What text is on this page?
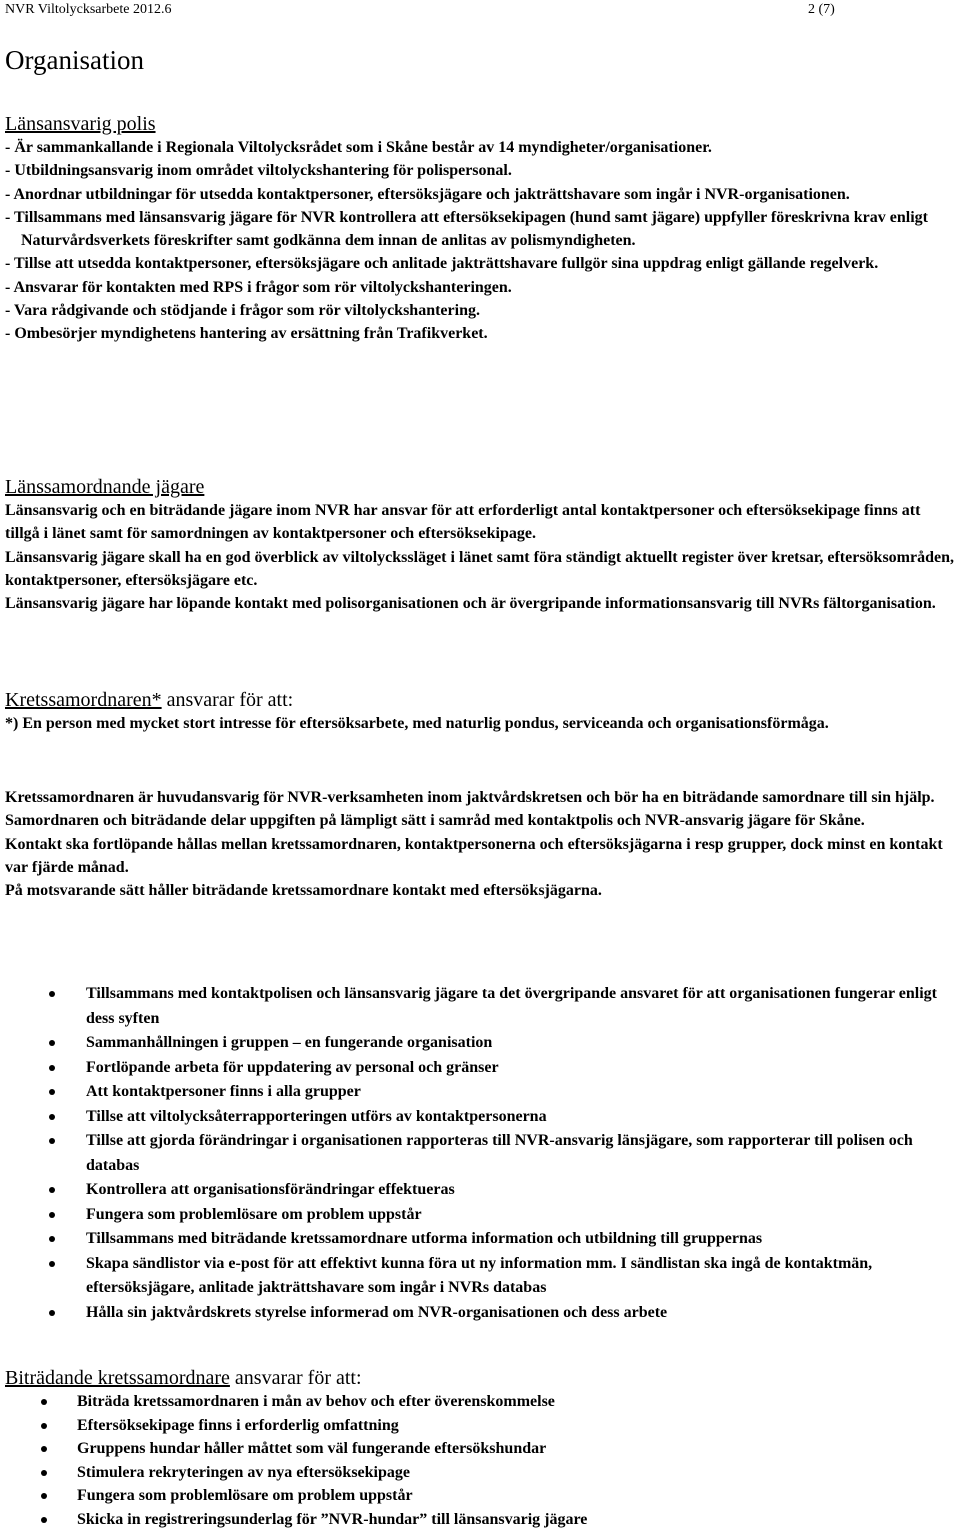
NVR Viltolycksarbete 2012.6	2 (7)
Organisation
Länsansvarig polis
- Är sammankallande i Regionala Viltolycksrådet som i Skåne består av 14 myndigheter/organisationer.
- Utbildningsansvarig inom området viltolyckshantering för polispersonal.
- Anordnar utbildningar för utsedda kontaktpersoner, eftersöksjägare och jakträttshavare som ingår i NVR-organisationen.
- Tillsammans med länsansvarig jägare för NVR kontrollera att eftersöksekipagen (hund samt jägare) uppfyller föreskrivna krav enligt Naturvårdsverkets föreskrifter samt godkänna dem innan de anlitas av polismyndigheten.
- Tillse att utsedda kontaktpersoner, eftersöksjägare och anlitade jakträttshavare fullgör sina uppdrag enligt gällande regelverk.
- Ansvarar för kontakten med RPS i frågor som rör viltolyckshanteringen.
- Vara rådgivande och stödjande i frågor som rör viltolyckshantering.
- Ombesörjer myndighetens hantering av ersättning från Trafikverket.
Länssamordnande jägare
Länsansvarig och en biträdande jägare inom NVR har ansvar för att erforderligt antal kontaktpersoner och eftersöksekipage finns att tillgå i länet samt för samordningen av kontaktpersoner och eftersöksekipage.
Länsansvarig jägare skall ha en god överblick av viltolyckssläget i länet samt föra ständigt aktuellt register över kretsar, eftersöksområden, kontaktpersoner, eftersöksjägare etc.
Länsansvarig jägare har löpande kontakt med polisorganisationen och är övergripande informationsansvarig till NVRs fältorganisation.
Kretssamordnaren* ansvarar för att:
*) En person med mycket stort intresse för eftersöksarbete, med naturlig pondus, serviceanda och organisationsförmåga.
Kretssamordnaren är huvudansvarig för NVR-verksamheten inom jaktvårdskretsen och bör ha en biträdande samordnare till sin hjälp.
Samordnaren och biträdande delar uppgiften på lämpligt sätt i samråd med kontaktpolis och NVR-ansvarig jägare för Skåne.
Kontakt ska fortlöpande hållas mellan kretssamordnaren, kontaktpersonerna och eftersöksjägarna i resp grupper, dock minst en kontakt var fjärde månad.
På motsvarande sätt håller biträdande kretssamordnare kontakt med eftersöksjägarna.
Tillsammans med kontaktpolisen och länsansvarig jägare ta det övergripande ansvaret för att organisationen fungerar enligt dess syften
Sammanhållningen i gruppen – en fungerande organisation
Fortlöpande arbeta för uppdatering av personal och gränser
Att kontaktpersoner finns i alla grupper
Tillse att viltolycksåterrapporteringen utförs av kontaktpersonerna
Tillse att gjorda förändringar i organisationen rapporteras till NVR-ansvarig länsjägare, som rapporterar till polisen och databas
Kontrollera att organisationsförändringar effektueras
Fungera som problemlösare om problem uppstår
Tillsammans med biträdande kretssamordnare utforma information och utbildning till gruppernas
Skapa sändlistor via e-post för att effektivt kunna föra ut ny information mm. I sändlistan ska ingå de kontaktmän, eftersöksjägare, anlitade jakträttshavare som ingår i NVRs databas
Hålla sin jaktvårdskrets styrelse informerad om NVR-organisationen och dess arbete
Biträdande kretssamordnare ansvarar för att:
Biträda kretssamordnaren i mån av behov och efter överenskommelse
Eftersöksekipage finns i erforderlig omfattning
Gruppens hundar håller måttet som väl fungerande eftersökshundar
Stimulera rekryteringen av nya eftersöksekipage
Fungera som problemlösare om problem uppstår
Skicka in registreringsunderlag för ”NVR-hundar” till länsansvarig jägare
